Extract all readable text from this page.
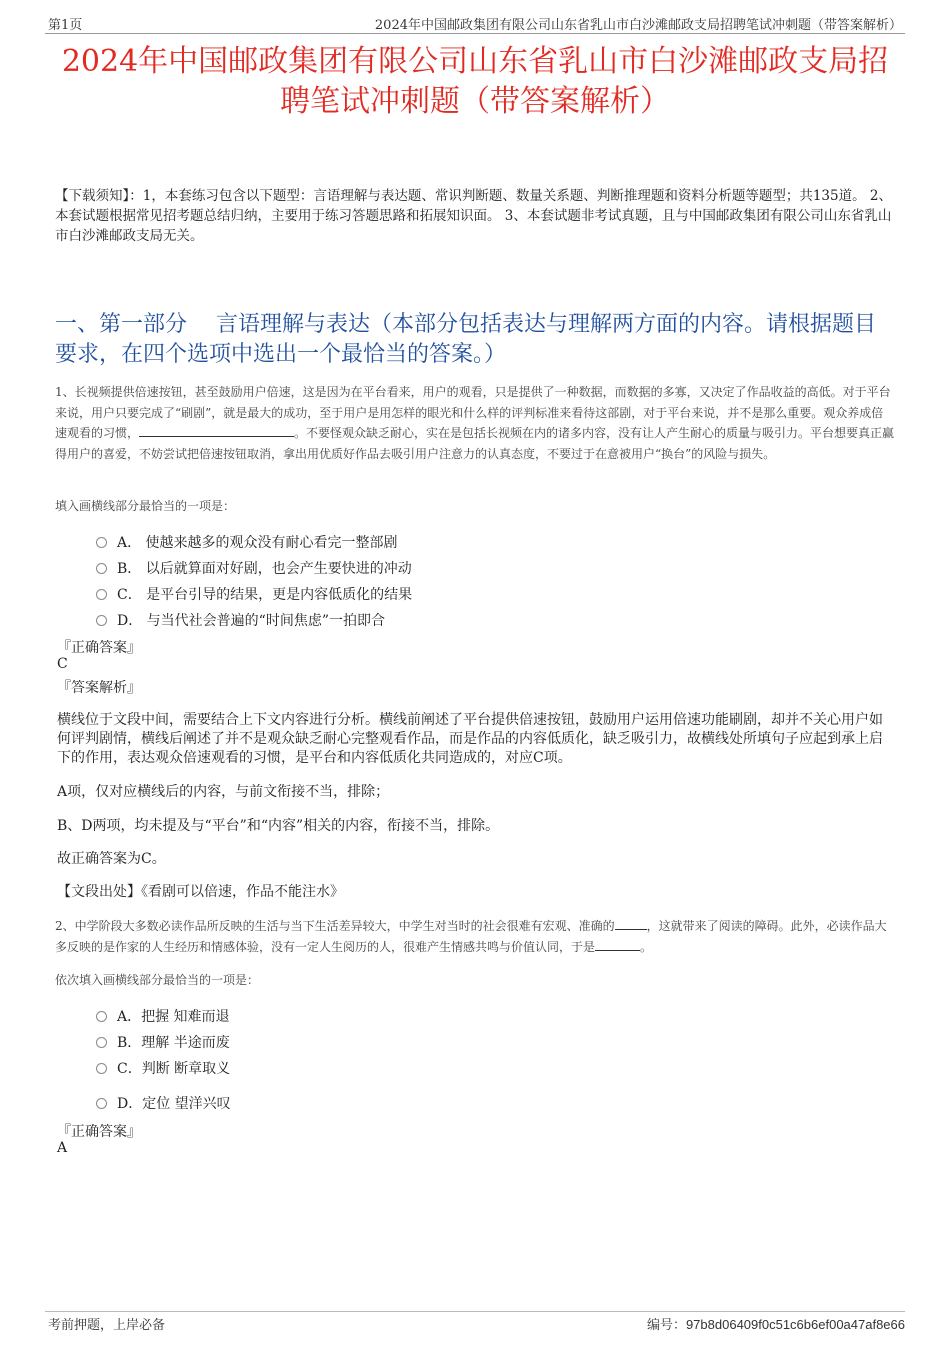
第1页	2024年中国邮政集团有限公司山东省乳山市白沙滩邮政支局招聘笔试冲刺题（带答案解析）
2024年中国邮政集团有限公司山东省乳山市白沙滩邮政支局招
聘笔试冲刺题（带答案解析）
【下载须知】：1，本套练习包含以下题型：言语理解与表达题、常识判断题、数量关系题、判断推理题和资料分析题等题型；共135道。 2、本套试题根据常见招考题总结归纳，主要用于练习答题思路和拓展知识面。 3、本套试题非考试真题，且与中国邮政集团有限公司山东省乳山市白沙滩邮政支局无关。
一、第一部分　 言语理解与表达（本部分包括表达与理解两方面的内容。请根据题目要求，在四个选项中选出一个最恰当的答案。）
1、长视频提供倍速按钮，甚至鼓励用户倍速，这是因为在平台看来，用户的观看，只是提供了一种数据，而数据的多寡，又决定了作品收益的高低。对于平台来说，用户只要完成了“刷剧”，就是最大的成功，至于用户是用怎样的眼光和什么样的评判标准来看待这部剧，对于平台来说，并不是那么重要。观众养成倍速观看的习惯，	。不要怪观众缺乏耐心，实在是包括长视频在内的诸多内容，没有让人产生耐心的质量与吸引力。平台想要真正赢得用户的喜爱，不妨尝试把倍速按钮取消，拿出用优质好作品去吸引用户注意力的认真态度，不要过于在意被用户“换台”的风险与损失。
填入画横线部分最恰当的一项是：
A． 使越来越多的观众没有耐心看完一整部剧
B． 以后就算面对好剧，也会产生要快进的冲动
C． 是平台引导的结果，更是内容低质化的结果
D． 与当代社会普遍的“时间焦虑”一拍即合
『正确答案』
C
『答案解析』
横线位于文段中间，需要结合上下文内容进行分析。横线前阐述了平台提供倍速按钮，鼓励用户运用倍速功能刷剧，却并不关心用户如何评判剧情，横线后阐述了并不是观众缺乏耐心完整观看作品，而是作品的内容低质化，缺乏吸引力，故横线处所填句子应起到承上启下的作用，表达观众倍速观看的习惯，是平台和内容低质化共同造成的，对应C项。
A项，仅对应横线后的内容，与前文衔接不当，排除；
B、D两项，均未提及与“平台”和“内容”相关的内容，衔接不当，排除。
故正确答案为C。
【文段出处】《看剧可以倍速，作品不能注水》
2、中学阶段大多数必读作品所反映的生活与当下生活差异较大，中学生对当时的社会很难有宏观、准确的	，这就带来了阅读的障碍。此外，必读作品大多反映的是作家的人生经历和情感体验，没有一定人生阅历的人，很难产生情感共鸣与价值认同，于是	。
依次填入画横线部分最恰当的一项是：
A．把握 知难而退
B．理解 半途而废
C．判断 断章取义
D．定位 望洋兴叹
『正确答案』
A
考前押题，上岸必备	编号：97b8d06409f0c51c6b6ef00a47af8e66
